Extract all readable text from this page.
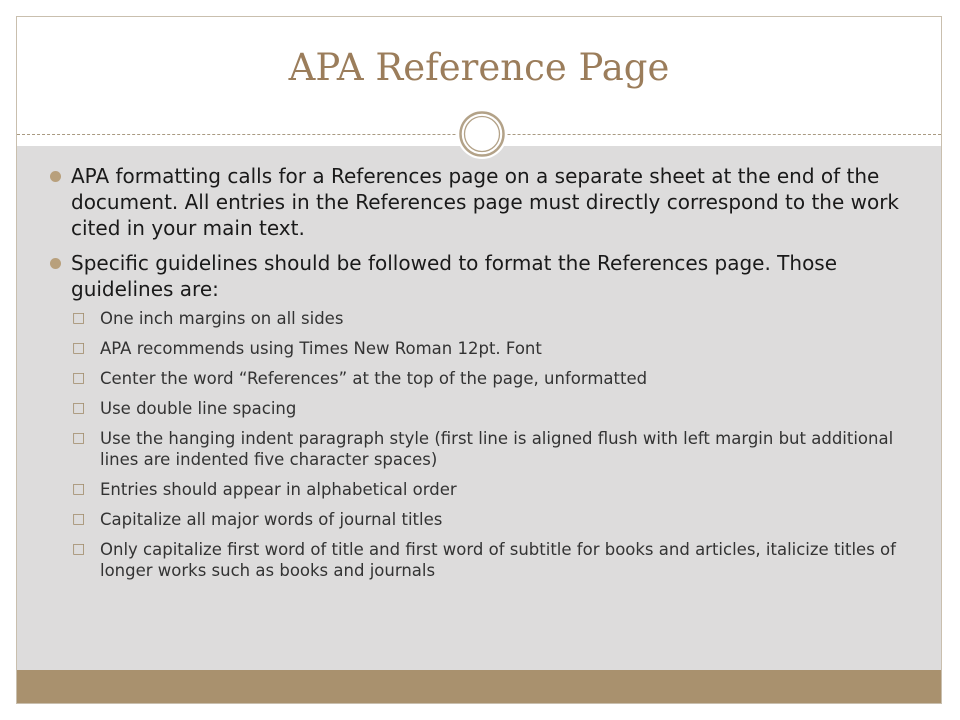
APA Reference Page
APA formatting calls for a References page on a separate sheet at the end of the document. All entries in the References page must directly correspond to the work cited in your main text.
Specific guidelines should be followed to format the References page. Those guidelines are:
□ One inch margins on all sides
□ APA recommends using Times New Roman 12pt. Font
□ Center the word “References” at the top of the page, unformatted
□ Use double line spacing
□ Use the hanging indent paragraph style (first line is aligned flush with left margin but additional lines are indented five character spaces)
□ Entries should appear in alphabetical order
□ Capitalize all major words of journal titles
□ Only capitalize first word of title and first word of subtitle for books and articles, italicize titles of longer works such as books and journals
